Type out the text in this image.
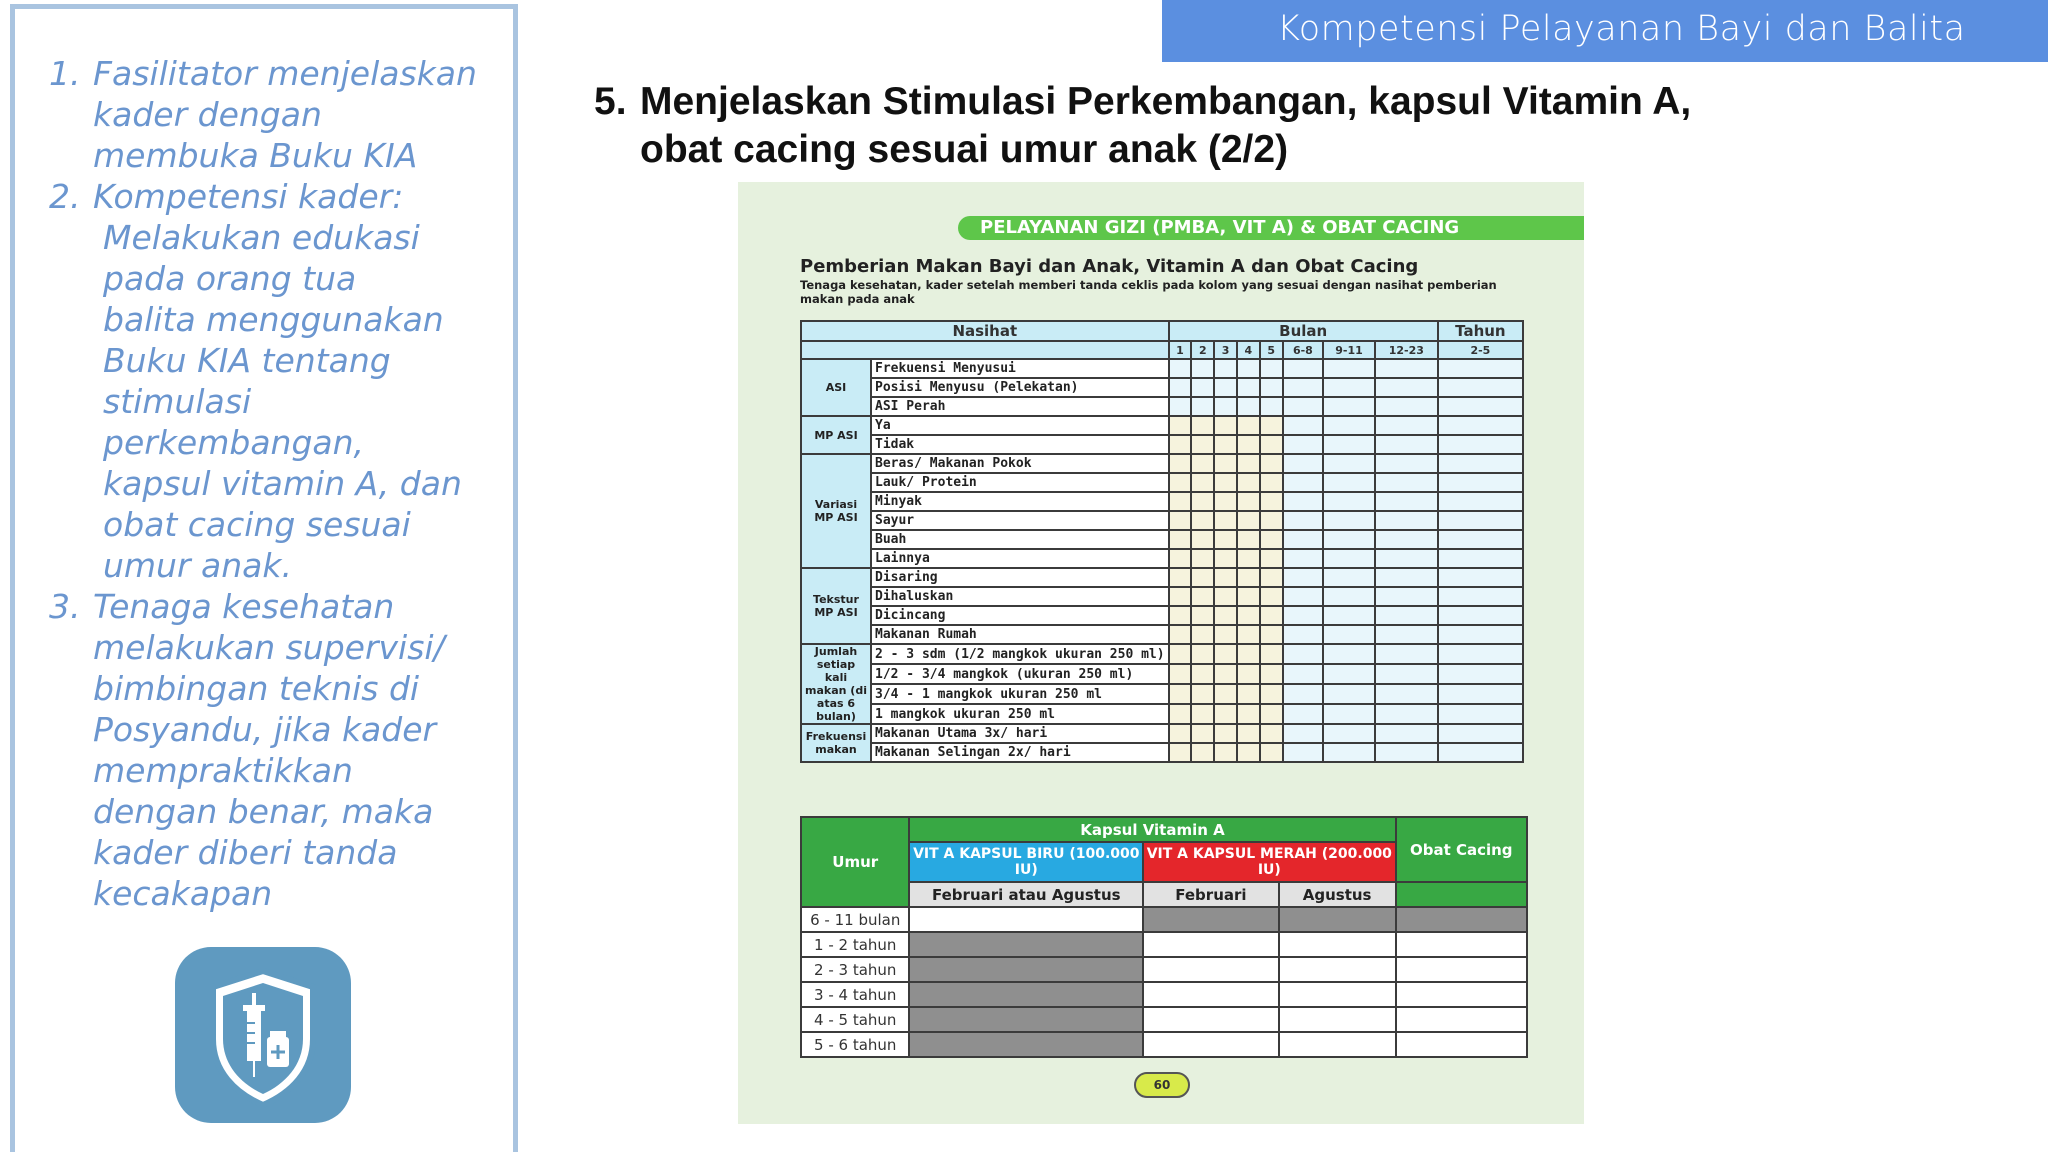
Kompetensi Pelayanan Bayi dan Balita
1. Fasilitator menjelaskan
kader dengan
membuka Buku KIA
2. Kompetensi kader:
Melakukan edukasi
pada orang tua
balita menggunakan
Buku KIA tentang
stimulasi
perkembangan,
kapsul vitamin A, dan
obat cacing sesuai
umur anak.
3. Tenaga kesehatan
melakukan supervisi/
bimbingan teknis di
Posyandu, jika kader
mempraktikkan
dengan benar, maka
kader diberi tanda
kecakapan
5. Menjelaskan Stimulasi Perkembangan, kapsul Vitamin A,
obat cacing sesuai umur anak (2/2)
PELAYANAN GIZI (PMBA, VIT A) & OBAT CACING
Pemberian Makan Bayi dan Anak, Vitamin A dan Obat Cacing
Tenaga kesehatan, kader setelah memberi tanda ceklis pada kolom yang sesuai dengan nasihat pemberian makan pada anak
Nasihat		Bulan								Tahun
		1	2	3	4	5	6-8	9-11	12-23	2-5
ASI	Frekuensi Menyusui									
	Posisi Menyusu (Pelekatan)									
	ASI Perah									
MP ASI	Ya									
	Tidak									
Variasi MP ASI	Beras/ Makanan Pokok									
	Lauk/ Protein									
	Minyak									
	Sayur									
	Buah									
	Lainnya									
Tekstur MP ASI	Disaring									
	Dihaluskan									
	Dicincang									
	Makanan Rumah									
Jumlah setiap kali makan (di atas 6 bulan)	2 - 3 sdm (1/2 mangkok ukuran 250 ml)									
	1/2 - 3/4 mangkok (ukuran 250 ml)									
	3/4 - 1 mangkok ukuran 250 ml									
	1 mangkok ukuran 250 ml									
Frekuensi makan	Makanan Utama 3x/ hari									
	Makanan Selingan 2x/ hari									
Umur	Kapsul Vitamin A			Obat Cacing
	VIT A KAPSUL BIRU (100.000 IU)	VIT A KAPSUL MERAH (200.000 IU)		
	Februari atau Agustus	Februari	Agustus	
6 - 11 bulan				
1 - 2 tahun				
2 - 3 tahun				
3 - 4 tahun				
4 - 5 tahun				
5 - 6 tahun				
60
